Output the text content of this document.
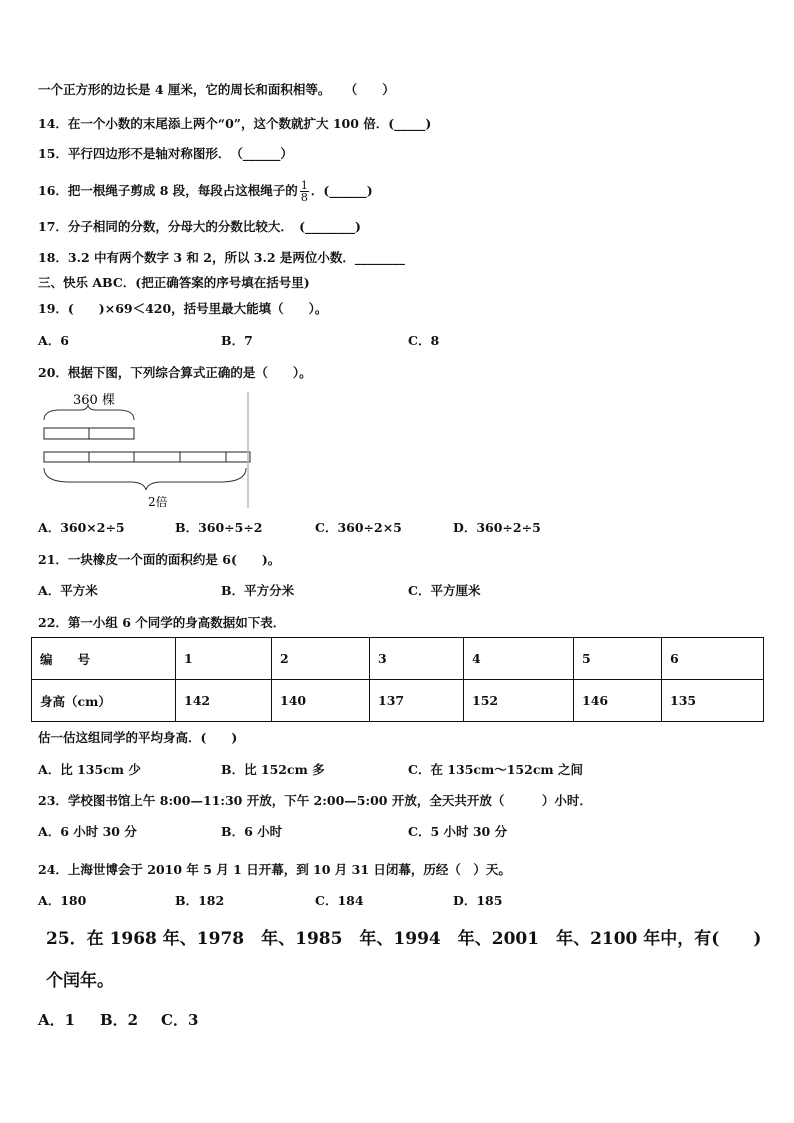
一个正方形的边长是 4 厘米，它的周长和面积相等。 （　　）
14．在一个小数的末尾添上两个“0”，这个数就扩大 100 倍．(_____)
15．平行四边形不是轴对称图形．　（______）
16．把一根绳子剪成 8 段，每段占这根绳子的 $\frac{1}{8}$ ．(______)
17．分子相同的分数，分母大的分数比较大．　(________)
18．3.2 中有两个数字 3 和 2，所以 3.2 是两位小数．________
三、快乐 ABC．(把正确答案的序号填在括号里)
19．(　　)×69＜420，括号里最大能填（　　）。
A．6	B．7	C．8
20．根据下图，下列综合算式正确的是（　　）。
360 棵
2倍
A．360×2÷5	B．360÷5÷2	C．360÷2×5	D．360÷2÷5
21．一块橡皮一个面的面积约是 6(　　)。
A．平方米	B．平方分米	C．平方厘米
22．第一小组 6 个同学的身高数据如下表．
编　　号	1	2	3	4	5	6
身高（cm）	142	140	137	152	146	135
估一估这组同学的平均身高．(　　)
A．比 135cm 少	B．比 152cm 多	C．在 135cm～152cm 之间
23．学校图书馆上午 8:00—11:30 开放，下午 2:00—5:00 开放，全天共开放（　　　）小时．
A．6 小时 30 分	B．6 小时	C．5 小时 30 分
24．上海世博会于 2010 年 5 月 1 日开幕，到 10 月 31 日闭幕，历经（　）天。
A．180	B．182	C．184	D．185
25．在 1968 年、1978　年、1985　年、1994　年、2001　年、2100 年中，有(　　)
个闰年。
A．1 B．2 C．3
